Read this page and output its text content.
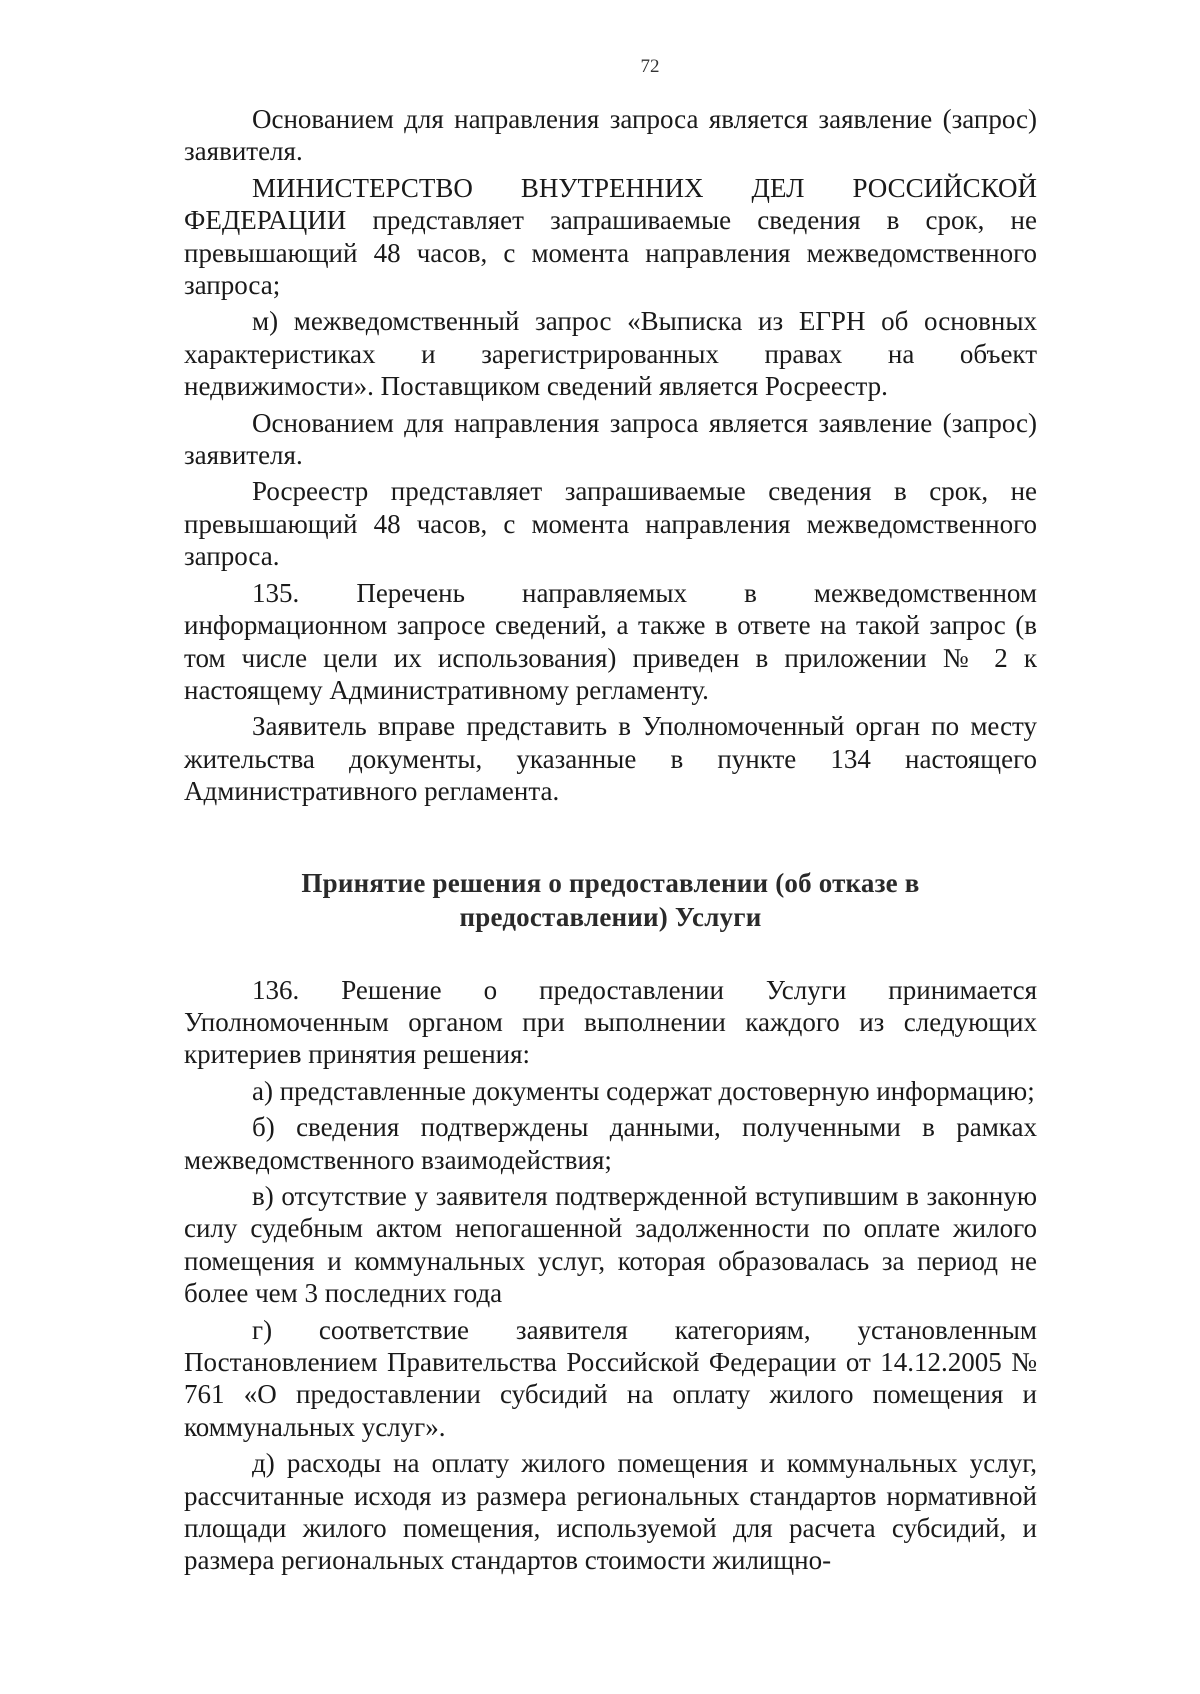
72

Основанием для направления запроса является заявление (запрос) заявителя.

МИНИСТЕРСТВО ВНУТРЕННИХ ДЕЛ РОССИЙСКОЙ ФЕДЕРАЦИИ представляет запрашиваемые сведения в срок, не превышающий 48 часов, с момента направления межведомственного запроса;

м) межведомственный запрос «Выписка из ЕГРН об основных характеристиках и зарегистрированных правах на объект недвижимости». Поставщиком сведений является Росреестр.

Основанием для направления запроса является заявление (запрос) заявителя.

Росреестр представляет запрашиваемые сведения в срок, не превышающий 48 часов, с момента направления межведомственного запроса.

135. Перечень направляемых в межведомственном информационном запросе сведений, а также в ответе на такой запрос (в том числе цели их использования) приведен в приложении № 2 к настоящему Административному регламенту.

Заявитель вправе представить в Уполномоченный орган по месту жительства документы, указанные в пункте 134 настоящего Административного регламента.

Принятие решения о предоставлении (об отказе в
предоставлении) Услуги

136. Решение о предоставлении Услуги принимается Уполномоченным органом при выполнении каждого из следующих критериев принятия решения:

а) представленные документы содержат достоверную информацию;

б) сведения подтверждены данными, полученными в рамках межведомственного взаимодействия;

в) отсутствие у заявителя подтвержденной вступившим в законную силу судебным актом непогашенной задолженности по оплате жилого помещения и коммунальных услуг, которая образовалась за период не более чем 3 последних года

г) соответствие заявителя категориям, установленным Постановлением Правительства Российской Федерации от 14.12.2005 № 761 «О предоставлении субсидий на оплату жилого помещения и коммунальных услуг».

д) расходы на оплату жилого помещения и коммунальных услуг, рассчитанные исходя из размера региональных стандартов нормативной площади жилого помещения, используемой для расчета субсидий, и размера региональных стандартов стоимости жилищно-
